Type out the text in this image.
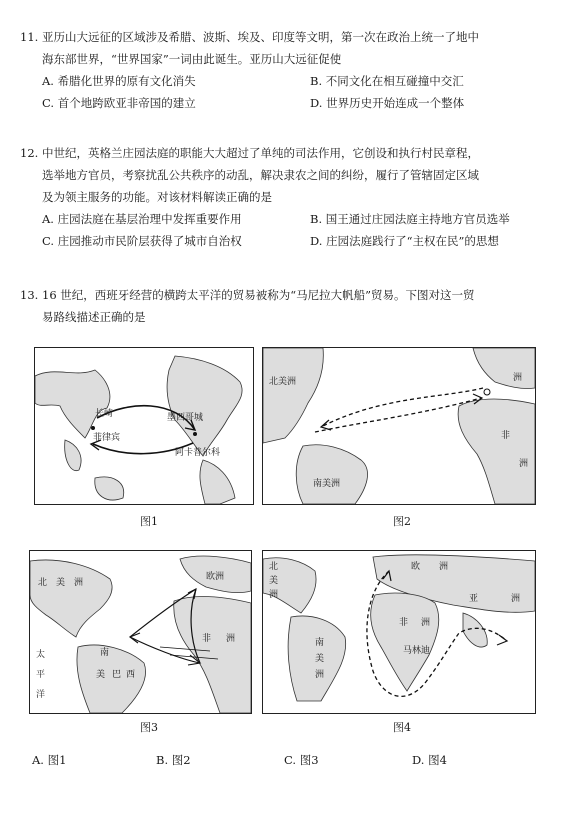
11. 亚历山大远征的区域涉及希腊、波斯、埃及、印度等文明，第一次在政治上统一了地中

海东部世界，“世界国家”一词由此诞生。亚历山大远征促使

A. 希腊化世界的原有文化消失	B. 不同文化在相互碰撞中交汇
C. 首个地跨欧亚非帝国的建立	D. 世界历史开始连成一个整体

12. 中世纪，英格兰庄园法庭的职能大大超过了单纯的司法作用，它创设和执行村民章程，

选举地方官员，考察扰乱公共秩序的动乱，解决隶农之间的纠纷，履行了管辖固定区域

及为领主服务的功能。对该材料解读正确的是

A. 庄园法庭在基层治理中发挥重要作用	B. 国王通过庄园法庭主持地方官员选举
C. 庄园推动市民阶层获得了城市自治权	D. 庄园法庭践行了“主权在民”的思想

13. 16 世纪，西班牙经营的横跨太平洋的贸易被称为“马尼拉大帆船”贸易。下图对这一贸

易路线描述正确的是

长崎	墨西哥城
菲律宾
阿卡普尔科
图1
北美洲	洲
非
洲
南美洲
图2
北 美 洲
欧洲
非 洲
南
美 巴 西
太
平
洋
图3
北
美
洲
欧 洲
亚	洲
非 洲
南
美
洲
马林迪
图4
A. 图1	B. 图2	C. 图3	D. 图4
